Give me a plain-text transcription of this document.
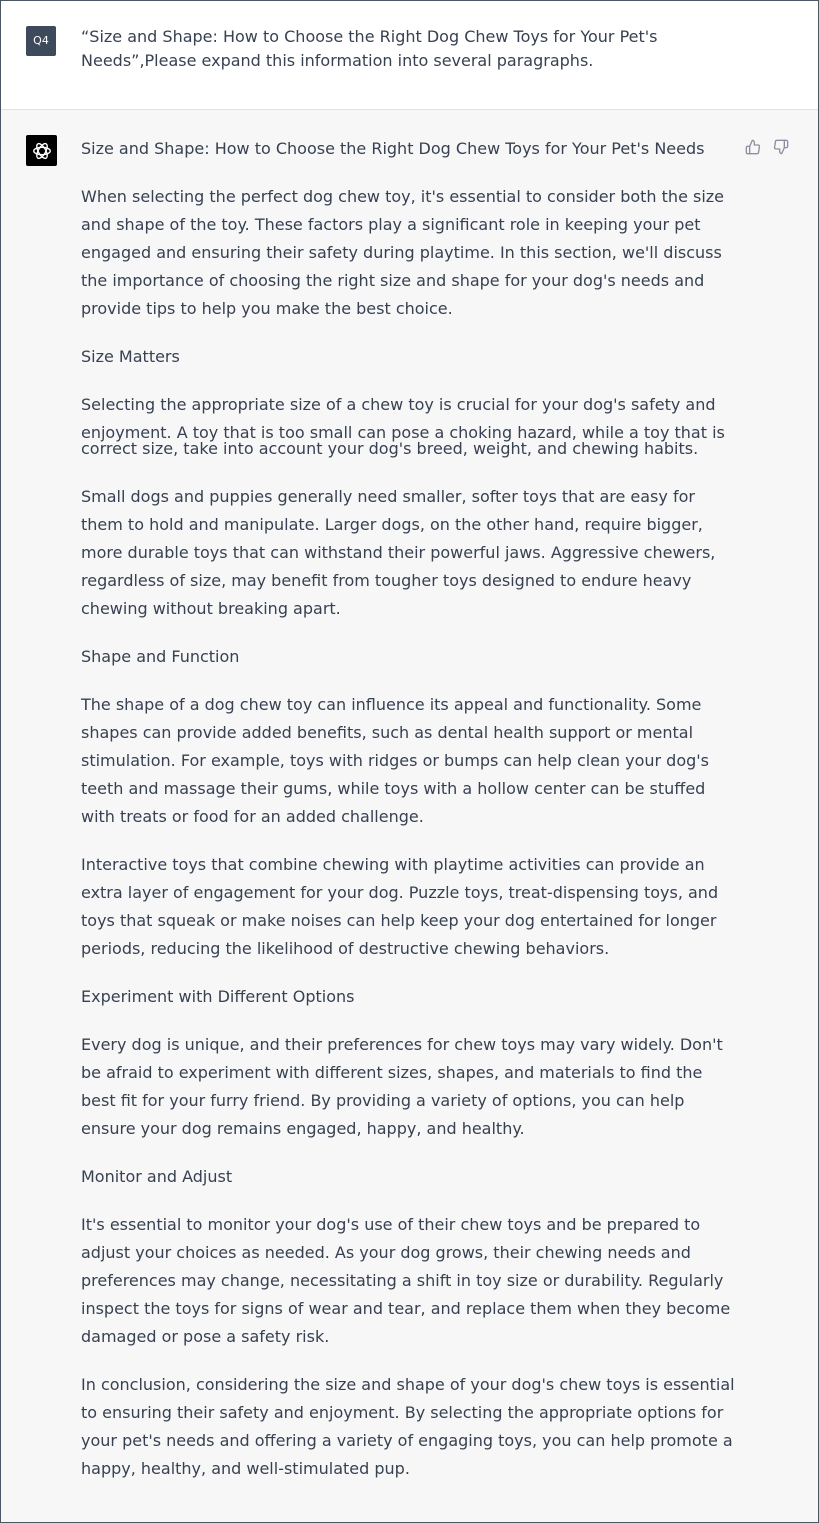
Q4	“Size and Shape: How to Choose the Right Dog Chew Toys for Your Pet's Needs”,Please expand this information into several paragraphs.

Size and Shape: How to Choose the Right Dog Chew Toys for Your Pet's Needs

When selecting the perfect dog chew toy, it's essential to consider both the size and shape of the toy. These factors play a significant role in keeping your pet engaged and ensuring their safety during playtime. In this section, we'll discuss the importance of choosing the right size and shape for your dog's needs and provide tips to help you make the best choice.

Size Matters

Selecting the appropriate size of a chew toy is crucial for your dog's safety and enjoyment. A toy that is too small can pose a choking hazard, while a toy that is

correct size, take into account your dog's breed, weight, and chewing habits.

Small dogs and puppies generally need smaller, softer toys that are easy for them to hold and manipulate. Larger dogs, on the other hand, require bigger, more durable toys that can withstand their powerful jaws. Aggressive chewers, regardless of size, may benefit from tougher toys designed to endure heavy chewing without breaking apart.

Shape and Function

The shape of a dog chew toy can influence its appeal and functionality. Some shapes can provide added benefits, such as dental health support or mental stimulation. For example, toys with ridges or bumps can help clean your dog's teeth and massage their gums, while toys with a hollow center can be stuffed with treats or food for an added challenge.

Interactive toys that combine chewing with playtime activities can provide an extra layer of engagement for your dog. Puzzle toys, treat-dispensing toys, and toys that squeak or make noises can help keep your dog entertained for longer periods, reducing the likelihood of destructive chewing behaviors.

Experiment with Different Options

Every dog is unique, and their preferences for chew toys may vary widely. Don't be afraid to experiment with different sizes, shapes, and materials to find the best fit for your furry friend. By providing a variety of options, you can help ensure your dog remains engaged, happy, and healthy.

Monitor and Adjust

It's essential to monitor your dog's use of their chew toys and be prepared to adjust your choices as needed. As your dog grows, their chewing needs and preferences may change, necessitating a shift in toy size or durability. Regularly inspect the toys for signs of wear and tear, and replace them when they become damaged or pose a safety risk.

In conclusion, considering the size and shape of your dog's chew toys is essential to ensuring their safety and enjoyment. By selecting the appropriate options for your pet's needs and offering a variety of engaging toys, you can help promote a happy, healthy, and well-stimulated pup.
